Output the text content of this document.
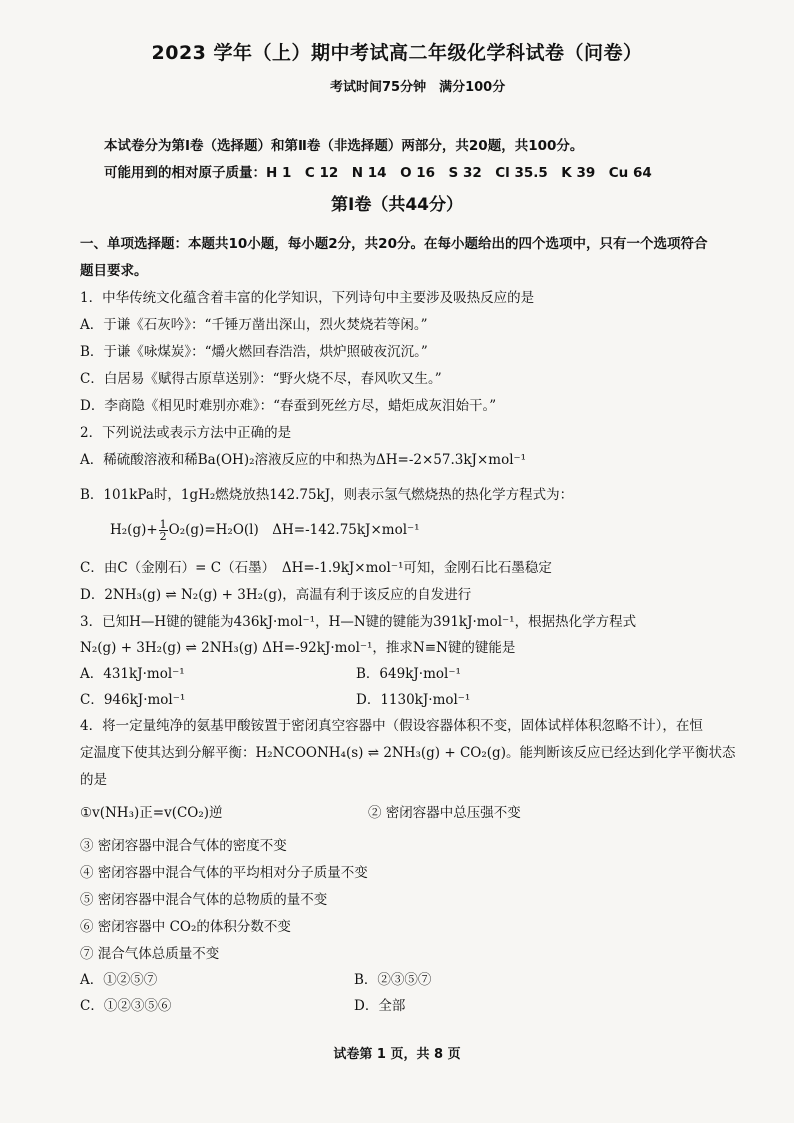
2023 学年（上）期中考试高二年级化学科试卷（问卷）
考试时间75分钟　满分100分
本试卷分为第Ⅰ卷（选择题）和第Ⅱ卷（非选择题）两部分，共20题，共100分。
可能用到的相对原子质量：H 1　C 12　N 14　O 16　S 32　Cl 35.5　K 39　Cu 64
第Ⅰ卷（共44分）
一、单项选择题：本题共10小题，每小题2分，共20分。在每小题给出的四个选项中，只有一个选项符合
题目要求。
1．中华传统文化蕴含着丰富的化学知识，下列诗句中主要涉及吸热反应的是
A．于谦《石灰吟》：“千锤万凿出深山，烈火焚烧若等闲。”
B．于谦《咏煤炭》：“爝火燃回春浩浩，烘炉照破夜沉沉。”
C．白居易《赋得古原草送别》：“野火烧不尽，春风吹又生。”
D．李商隐《相见时难别亦难》：“春蚕到死丝方尽，蜡炬成灰泪始干。”
2．下列说法或表示方法中正确的是
A．稀硫酸溶液和稀Ba(OH)₂溶液反应的中和热为ΔH=-2×57.3kJ×mol⁻¹
B．101kPa时，1gH₂燃烧放热142.75kJ，则表示氢气燃烧热的热化学方程式为：
$H_2(g)+ \frac{1}{2} O_2(g)=H_2O(l)$　ΔH=-142.75kJ×mol⁻¹
C．由C（金刚石）= C（石墨）　ΔH=-1.9kJ×mol⁻¹可知，金刚石比石墨稳定
D．2NH₃(g) ⇌ N₂(g) + 3H₂(g)，高温有利于该反应的自发进行
3．已知H—H键的键能为436kJ·mol⁻¹，H—N键的键能为391kJ·mol⁻¹，根据热化学方程式
N₂(g) + 3H₂(g) ⇌ 2NH₃(g) ΔH=-92kJ·mol⁻¹，推求N≡N键的键能是
A．431kJ·mol⁻¹	B．649kJ·mol⁻¹
C．946kJ·mol⁻¹	D．1130kJ·mol⁻¹
4．将一定量纯净的氨基甲酸铵置于密闭真空容器中（假设容器体积不变，固体试样体积忽略不计），在恒
定温度下使其达到分解平衡：H₂NCOONH₄(s) ⇌ 2NH₃(g) + CO₂(g)。能判断该反应已经达到化学平衡状态
的是
①v(NH₃)正=v(CO₂)逆	② 密闭容器中总压强不变
③ 密闭容器中混合气体的密度不变
④ 密闭容器中混合气体的平均相对分子质量不变
⑤ 密闭容器中混合气体的总物质的量不变
⑥ 密闭容器中 CO₂的体积分数不变
⑦ 混合气体总质量不变
A．①②⑤⑦	B．②③⑤⑦
C．①②③⑤⑥	D．全部
试卷第 1 页，共 8 页
